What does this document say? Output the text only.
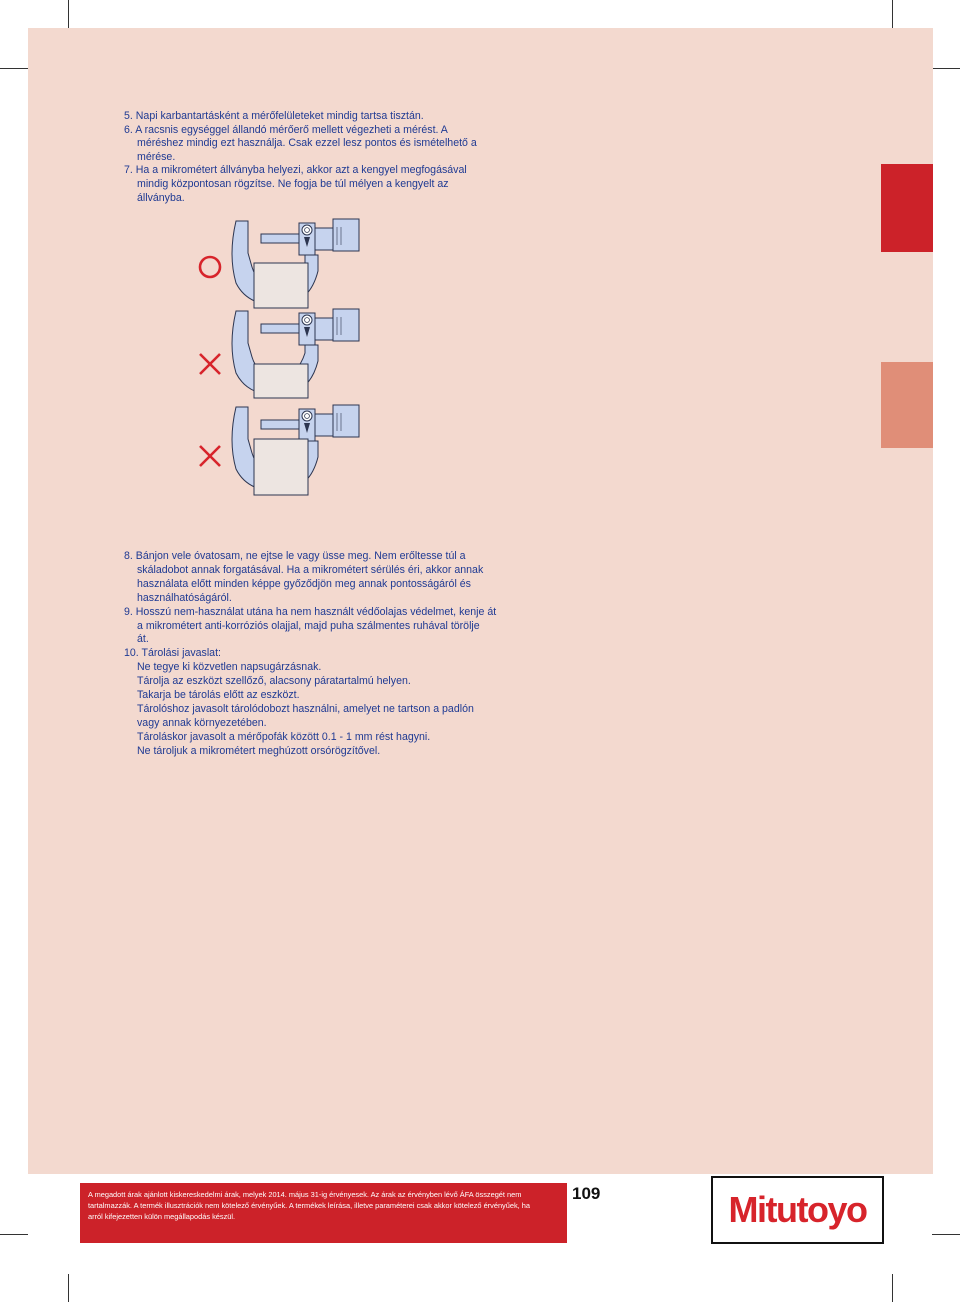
5. Napi karbantartásként a mérőfelületeket mindig tartsa tisztán.
6. A racsnis egységgel állandó mérőerő mellett végezheti a mérést. A
méréshez mindig ezt használja. Csak ezzel lesz pontos és ismételhető a
mérése.
7. Ha a mikrométert állványba helyezi, akkor azt a kengyel megfogásával
mindig központosan rögzítse. Ne fogja be túl mélyen a kengyelt az
állványba.
8. Bánjon vele óvatosam, ne ejtse le vagy üsse meg. Nem erőltesse túl a
skáladobot annak forgatásával. Ha a mikrométert sérülés éri, akkor annak
használata előtt minden képpe győződjön meg annak pontosságáról és
használhatóságáról.
9. Hosszú nem-használat utána ha nem használt védőolajas védelmet, kenje át
a mikrométert anti-korróziós olajjal, majd puha szálmentes ruhával törölje
át.
10. Tárolási javaslat:
Ne tegye ki közvetlen napsugárzásnak.
Tárolja az eszközt szellőző, alacsony páratartalmú helyen.
Takarja be tárolás előtt az eszközt.
Tárolóshoz javasolt tárolódobozt használni, amelyet ne tartson a padlón
vagy annak környezetében.
Tároláskor javasolt a mérőpofák között 0.1 - 1 mm rést hagyni.
Ne tároljuk a mikrométert meghúzott orsórögzítővel.
A megadott árak ajánlott kiskereskedelmi árak, melyek 2014. május 31-ig érvényesek. Az árak az érvényben lévő ÁFA összegét nem tartalmazzák. A termék illusztrációk nem kötelező érvényűek. A termékek leírása, illetve paraméterei csak akkor kötelező érvényűek, ha arról kifejezetten külön megállapodás készül.
109	Mitutoyo
